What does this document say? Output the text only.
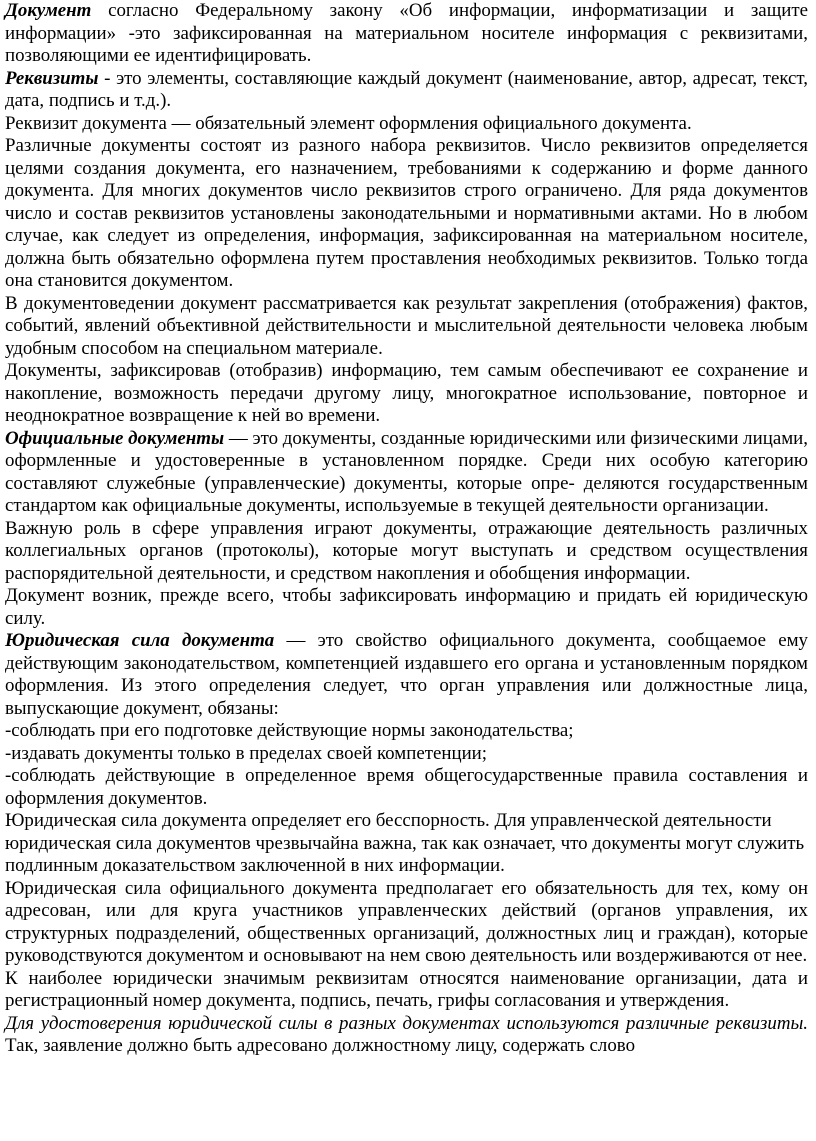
Документ согласно Федеральному закону «Об информации, информатизации и защите информации» -это зафиксированная на материальном носителе информация с реквизитами, позволяющими ее идентифицировать.

Реквизиты - это элементы, составляющие каждый документ (наименование, автор, адресат, текст, дата, подпись и т.д.).

Реквизит документа — обязательный элемент оформления официального документа.

Различные документы состоят из разного набора реквизитов. Число реквизитов определяется целями создания документа, его назначением, требованиями к содержанию и форме данного документа. Для многих документов число реквизитов строго ограничено. Для ряда документов число и состав реквизитов установлены законодательными и нормативными актами. Но в любом случае, как следует из определения, информация, зафиксированная на материальном носителе, должна быть обязательно оформлена путем проставления необходимых реквизитов. Только тогда она становится документом.

В документоведении документ рассматривается как результат закрепления (отображения) фактов, событий, явлений объективной действительности и мыслительной деятельности человека любым удобным способом на специальном материале.

Документы, зафиксировав (отобразив) информацию, тем самым обеспечивают ее сохранение и накопление, возможность передачи другому лицу, многократное использование, повторное и неоднократное возвращение к ней во времени.

Официальные документы — это документы, созданные юридическими или физическими лицами, оформленные и удостоверенные в установленном порядке. Среди них особую категорию составляют служебные (управленческие) документы, которые опре- деляются государственным стандартом как официальные документы, используемые в текущей деятельности организации.

Важную роль в сфере управления играют документы, отражающие деятельность различных коллегиальных органов (протоколы), которые могут выступать и средством осуществления распорядительной деятельности, и средством накопления и обобщения информации.

Документ возник, прежде всего, чтобы зафиксировать информацию и придать ей юридическую силу.

Юридическая сила документа — это свойство официального документа, сообщаемое ему действующим законодательством, компетенцией издавшего его органа и установленным порядком оформления. Из этого определения следует, что орган управления или должностные лица, выпускающие документ, обязаны:

-соблюдать при его подготовке действующие нормы законодательства;

-издавать документы только в пределах своей компетенции;

-соблюдать действующие в определенное время общегосударственные правила составления и оформления документов.

Юридическая сила документа определяет его бесспорность. Для управленческой деятельности юридическая сила документов чрезвычайна важна, так как означает, что документы могут служить подлинным доказательством заключенной в них информации.

Юридическая сила официального документа предполагает его обязательность для тех, кому он адресован, или для круга участников управленческих действий (органов управления, их структурных подразделений, общественных организаций, должностных лиц и граждан), которые руководствуются документом и основывают на нем свою деятельность или воздерживаются от нее.

К наиболее юридически значимым реквизитам относятся наименование организации, дата и регистрационный номер документа, подпись, печать, грифы согласования и утверждения.

Для удостоверения юридической силы в разных документах используются различные реквизиты. Так, заявление должно быть адресовано должностному лицу, содержать слово
